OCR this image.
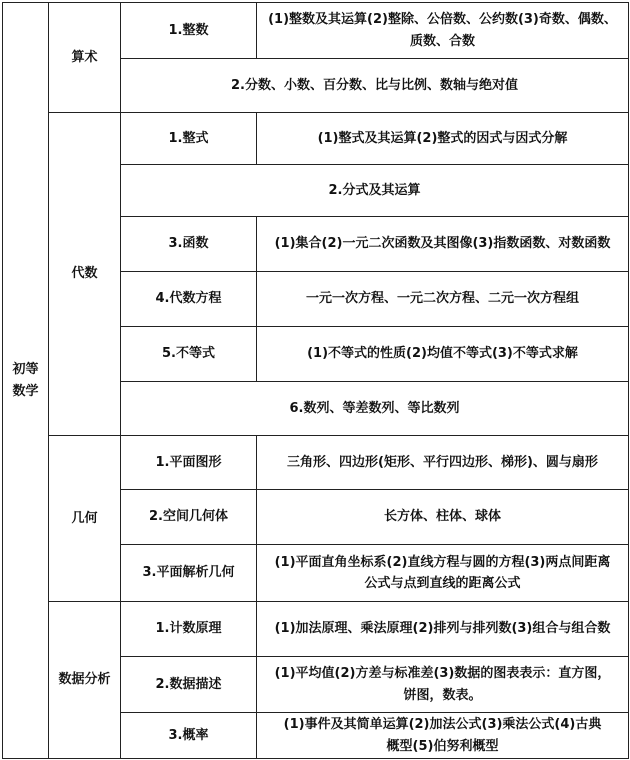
初等
数学	算术	1.整数	(1)整数及其运算(2)整除、公倍数、公约数(3)奇数、偶数、
质数、合数

		2.分数、小数、百分数、比与比例、数轴与绝对值	
	代数	1.整式	(1)整式及其运算(2)整式的因式与因式分解
		2.分式及其运算	
		3.函数	(1)集合(2)一元二次函数及其图像(3)指数函数、对数函数
		4.代数方程	一元一次方程、一元二次方程、二元一次方程组
		5.不等式	(1)不等式的性质(2)均值不等式(3)不等式求解
		6.数列、等差数列、等比数列	
	几何	1.平面图形	三角形、四边形(矩形、平行四边形、梯形)、圆与扇形
		2.空间几何体	长方体、柱体、球体
		3.平面解析几何	(1)平面直角坐标系(2)直线方程与圆的方程(3)两点间距离
公式与点到直线的距离公式

	数据分析	1.计数原理	(1)加法原理、乘法原理(2)排列与排列数(3)组合与组合数
		2.数据描述	(1)平均值(2)方差与标准差(3)数据的图表表示：直方图，
饼图，数表。

		3.概率	(1)事件及其简单运算(2)加法公式(3)乘法公式(4)古典
概型(5)伯努利概型
